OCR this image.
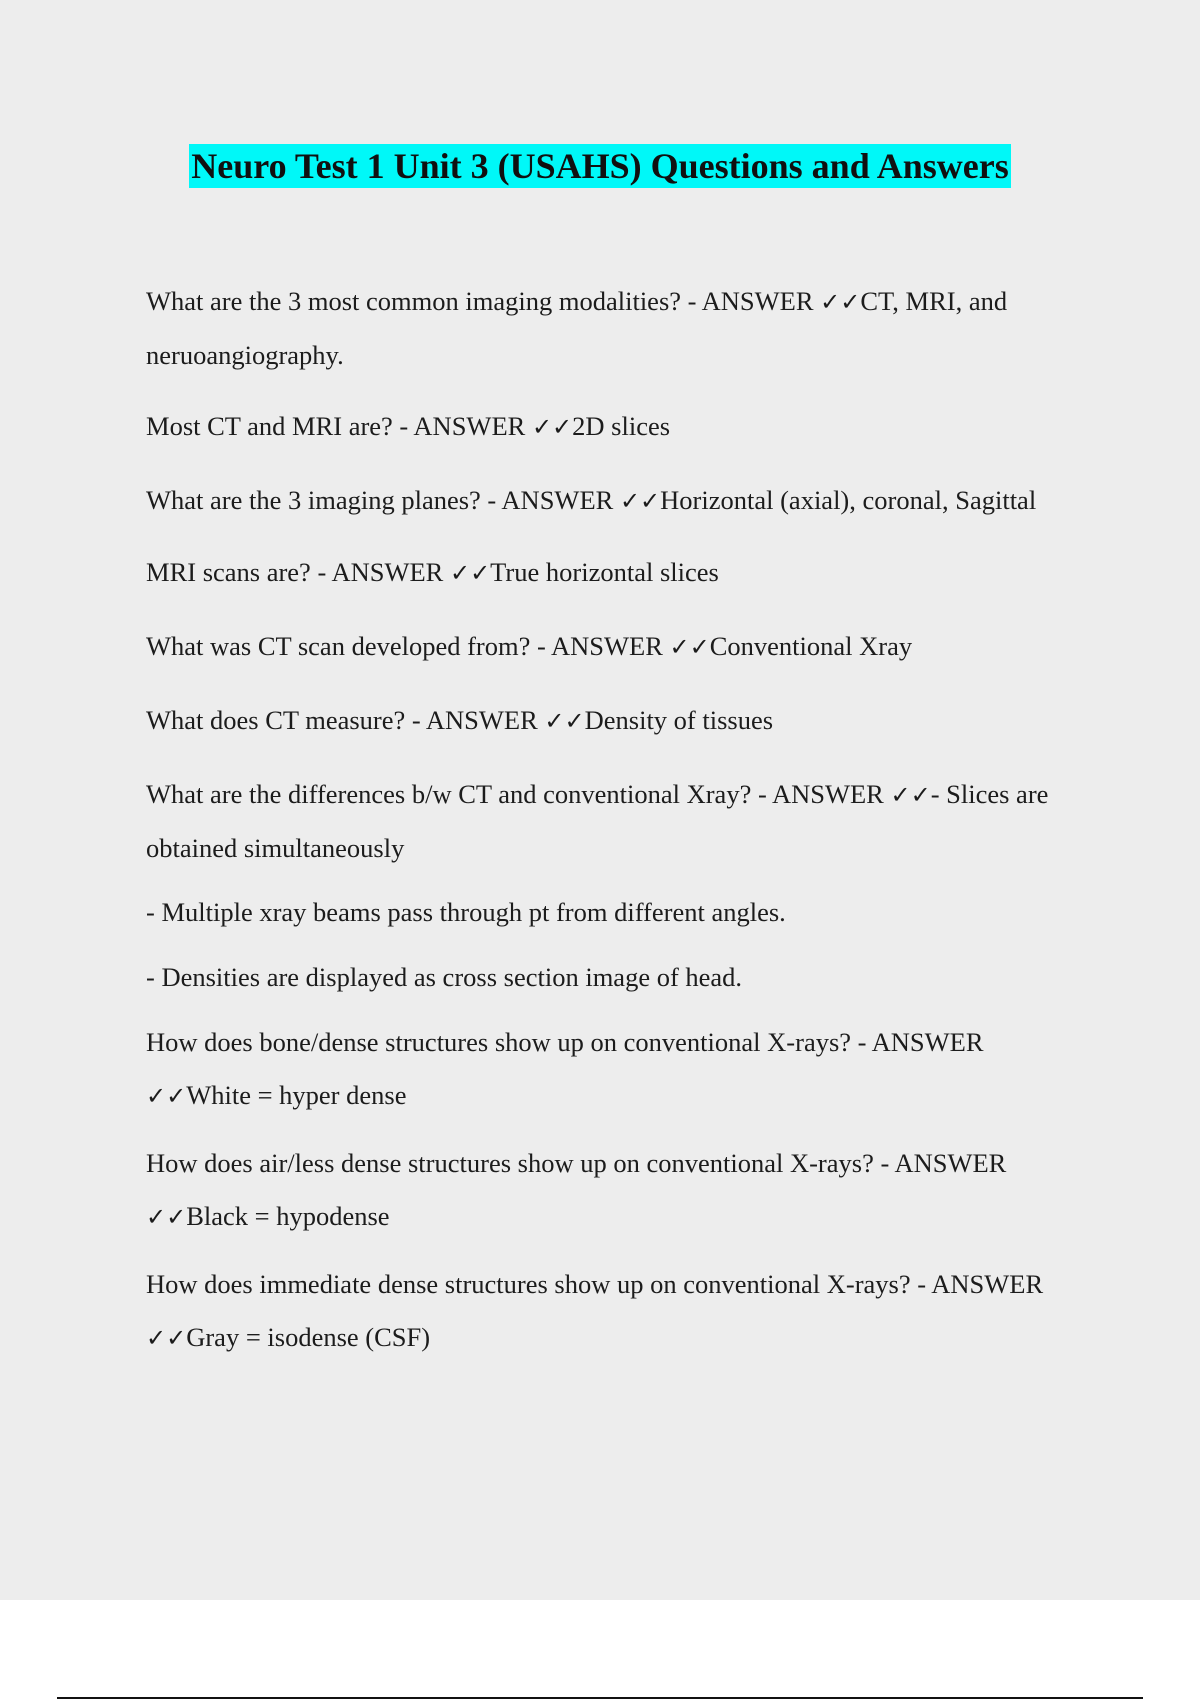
Neuro Test 1 Unit 3 (USAHS) Questions and Answers

What are the 3 most common imaging modalities? - ANSWER ✓✓CT, MRI, and neruoangiography.

Most CT and MRI are? - ANSWER ✓✓2D slices

What are the 3 imaging planes? - ANSWER ✓✓Horizontal (axial), coronal, Sagittal

MRI scans are? - ANSWER ✓✓True horizontal slices

What was CT scan developed from? - ANSWER ✓✓Conventional Xray

What does CT measure? - ANSWER ✓✓Density of tissues

What are the differences b/w CT and conventional Xray? - ANSWER ✓✓- Slices are obtained simultaneously

- Multiple xray beams pass through pt from different angles.

- Densities are displayed as cross section image of head.

How does bone/dense structures show up on conventional X-rays? - ANSWER ✓✓White = hyper dense

How does air/less dense structures show up on conventional X-rays? - ANSWER ✓✓Black = hypodense

How does immediate dense structures show up on conventional X-rays? - ANSWER ✓✓Gray = isodense (CSF)
